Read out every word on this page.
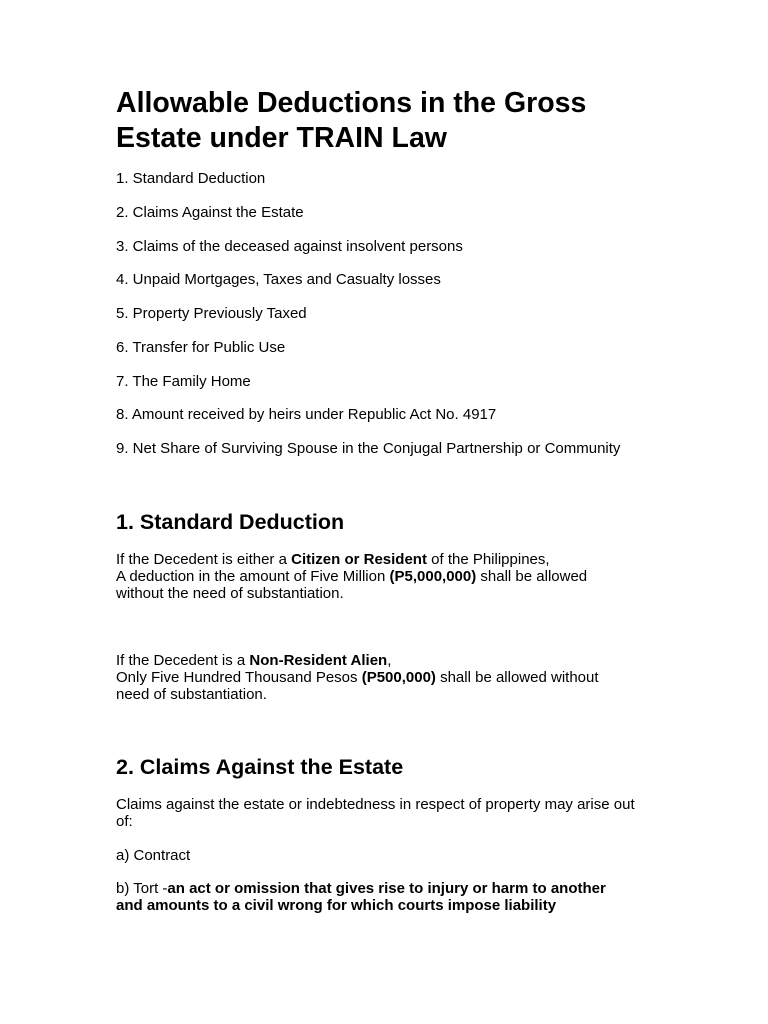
Allowable Deductions in the Gross
Estate under TRAIN Law
1. Standard Deduction
2. Claims Against the Estate
3. Claims of the deceased against insolvent persons
4. Unpaid Mortgages, Taxes and Casualty losses
5. Property Previously Taxed
6. Transfer for Public Use
7. The Family Home
8. Amount received by heirs under Republic Act No. 4917
9. Net Share of Surviving Spouse in the Conjugal Partnership or Community
1. Standard Deduction

If the Decedent is either a Citizen or Resident of the Philippines,
A deduction in the amount of Five Million (P5,000,000) shall be allowed
without the need of substantiation.

If the Decedent is a Non-Resident Alien,
Only Five Hundred Thousand Pesos (P500,000) shall be allowed without
need of substantiation.

2. Claims Against the Estate

Claims against the estate or indebtedness in respect of property may arise out
of:

a) Contract

b) Tort -an act or omission that gives rise to injury or harm to another
and amounts to a civil wrong for which courts impose liability
